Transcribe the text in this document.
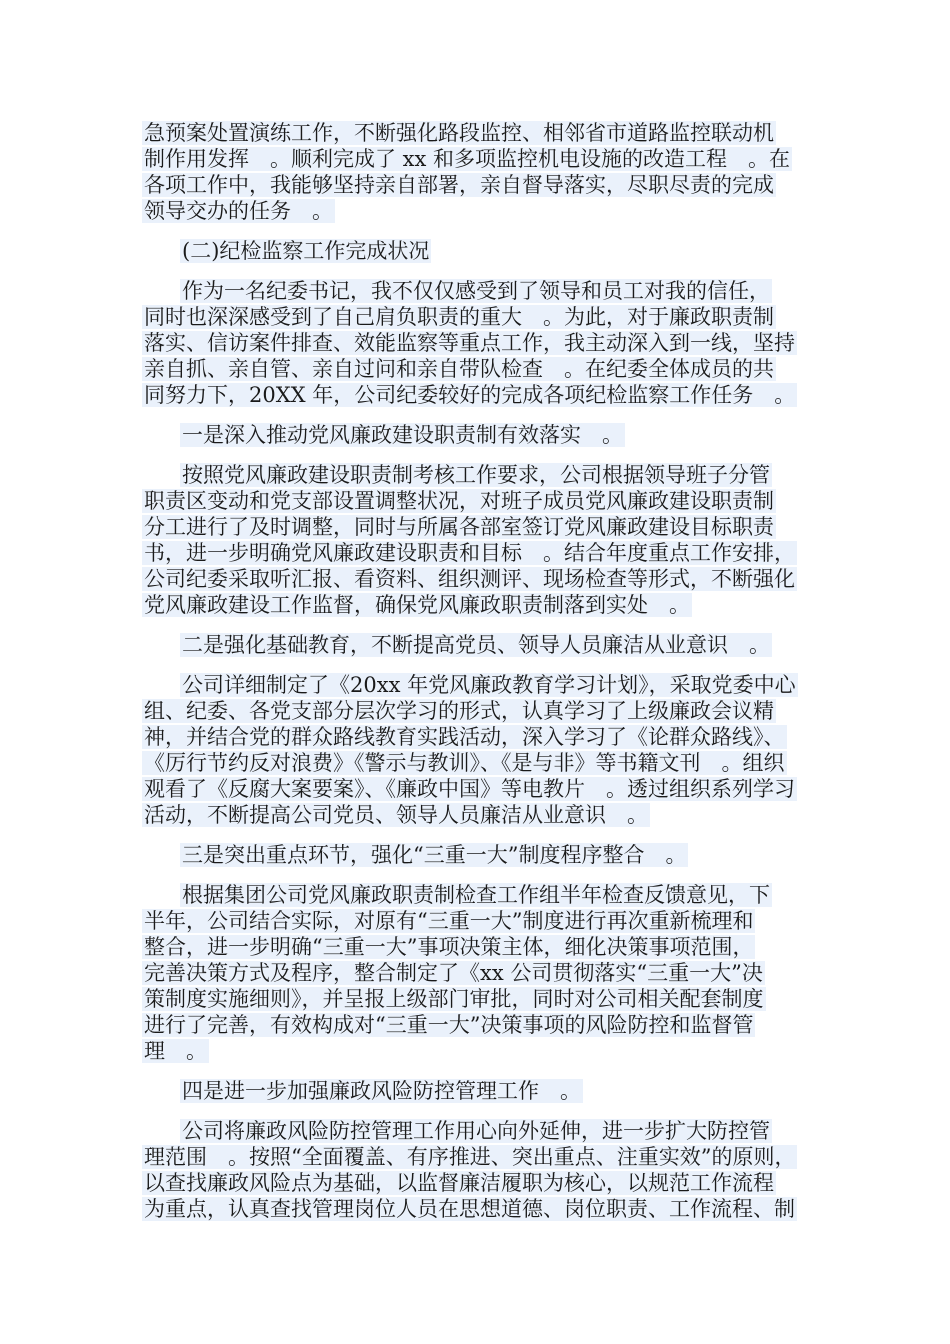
急预案处置演练工作，不断强化路段监控、相邻省市道路监控联动机
制作用发挥　。顺利完成了 xx 和多项监控机电设施的改造工程　。在
各项工作中，我能够坚持亲自部署，亲自督导落实，尽职尽责的完成
领导交办的任务　。
(二)纪检监察工作完成状况
作为一名纪委书记，我不仅仅感受到了领导和员工对我的信任，
同时也深深感受到了自己肩负职责的重大　。为此，对于廉政职责制
落实、信访案件排查、效能监察等重点工作，我主动深入到一线，坚持
亲自抓、亲自管、亲自过问和亲自带队检查　。在纪委全体成员的共
同努力下，20XX 年，公司纪委较好的完成各项纪检监察工作任务　。
一是深入推动党风廉政建设职责制有效落实　。
按照党风廉政建设职责制考核工作要求，公司根据领导班子分管
职责区变动和党支部设置调整状况，对班子成员党风廉政建设职责制
分工进行了及时调整，同时与所属各部室签订党风廉政建设目标职责
书，进一步明确党风廉政建设职责和目标　。结合年度重点工作安排，
公司纪委采取听汇报、看资料、组织测评、现场检查等形式，不断强化
党风廉政建设工作监督，确保党风廉政职责制落到实处　。
二是强化基础教育，不断提高党员、领导人员廉洁从业意识　。
公司详细制定了《20xx 年党风廉政教育学习计划》，采取党委中心
组、纪委、各党支部分层次学习的形式，认真学习了上级廉政会议精
神，并结合党的群众路线教育实践活动，深入学习了《论群众路线》、
《厉行节约反对浪费》《警示与教训》、《是与非》等书籍文刊　。组织
观看了《反腐大案要案》、《廉政中国》等电教片　。透过组织系列学习
活动，不断提高公司党员、领导人员廉洁从业意识　。
三是突出重点环节，强化“三重一大”制度程序整合　。
根据集团公司党风廉政职责制检查工作组半年检查反馈意见，下
半年，公司结合实际，对原有“三重一大”制度进行再次重新梳理和
整合，进一步明确“三重一大”事项决策主体，细化决策事项范围，
完善决策方式及程序，整合制定了《xx 公司贯彻落实“三重一大”决
策制度实施细则》，并呈报上级部门审批，同时对公司相关配套制度
进行了完善，有效构成对“三重一大”决策事项的风险防控和监督管
理　。
四是进一步加强廉政风险防控管理工作　。
公司将廉政风险防控管理工作用心向外延伸，进一步扩大防控管
理范围　。按照“全面覆盖、有序推进、突出重点、注重实效”的原则，
以查找廉政风险点为基础，以监督廉洁履职为核心，以规范工作流程
为重点，认真查找管理岗位人员在思想道德、岗位职责、工作流程、制
